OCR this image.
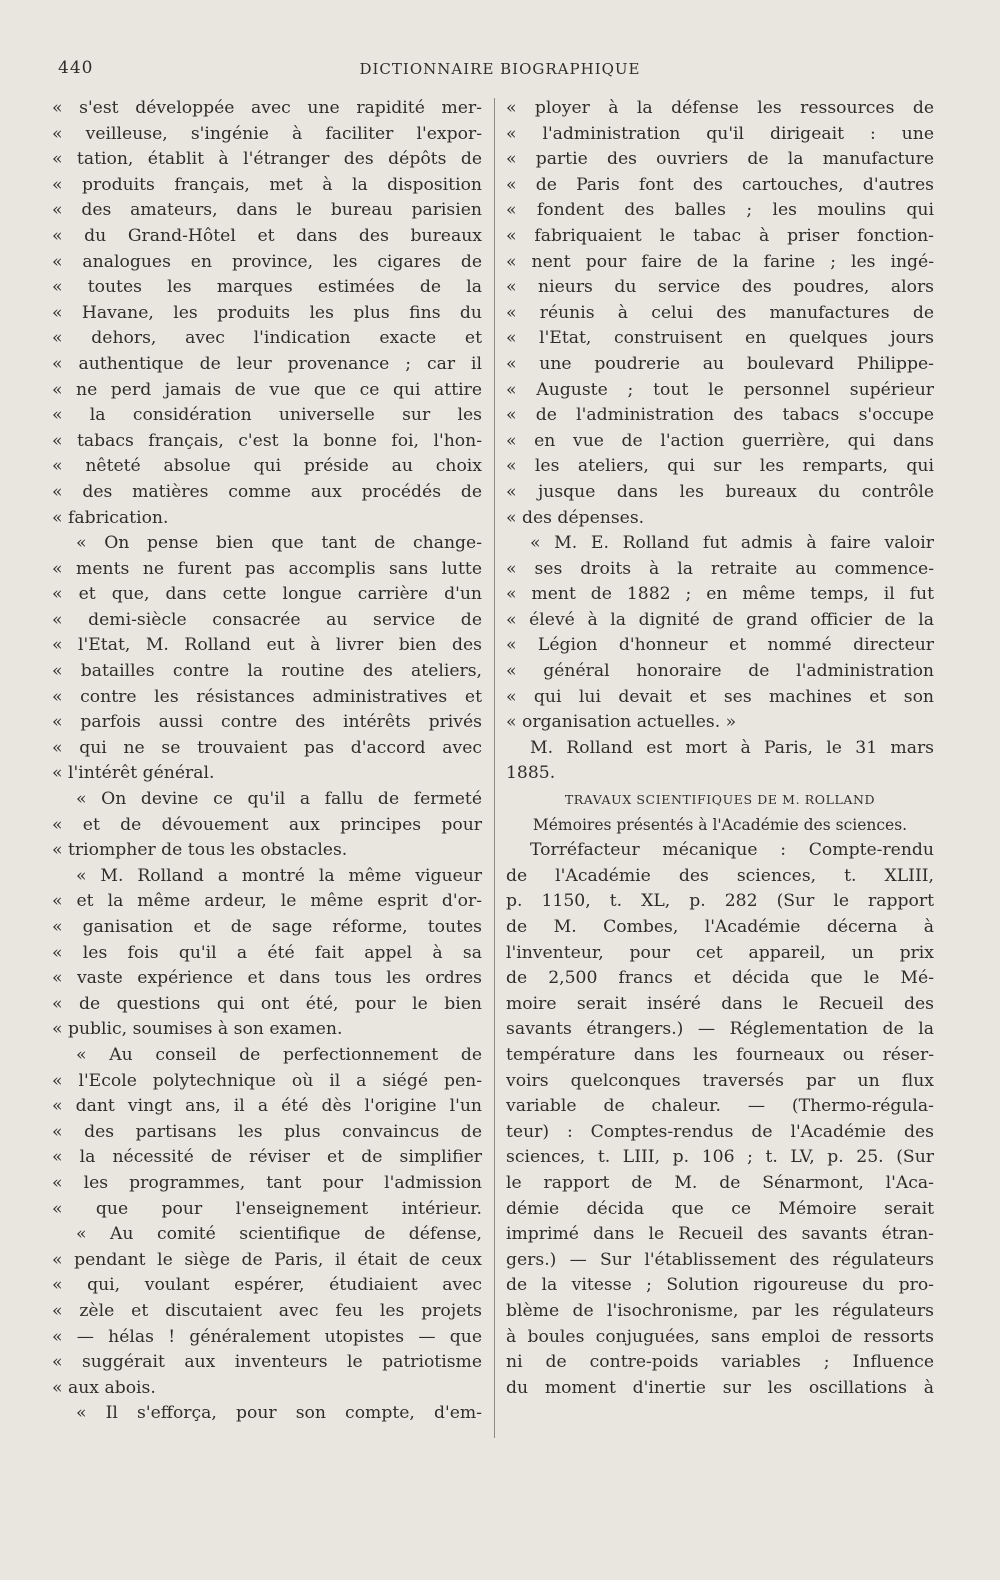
440	DICTIONNAIRE BIOGRAPHIQUE
« s'est développée avec une rapidité mer-
« veilleuse, s'ingénie à faciliter l'expor-
« tation, établit à l'étranger des dépôts de
« produits français, met à la disposition
« des amateurs, dans le bureau parisien
« du Grand-Hôtel et dans des bureaux
« analogues en province, les cigares de
« toutes les marques estimées de la
« Havane, les produits les plus fins du
« dehors, avec l'indication exacte et
« authentique de leur provenance ; car il
« ne perd jamais de vue que ce qui attire
« la considération universelle sur les
« tabacs français, c'est la bonne foi, l'hon-
« nêteté absolue qui préside au choix
« des matières comme aux procédés de
« fabrication.
« On pense bien que tant de change-
« ments ne furent pas accomplis sans lutte
« et que, dans cette longue carrière d'un
« demi-siècle consacrée au service de
« l'Etat, M. Rolland eut à livrer bien des
« batailles contre la routine des ateliers,
« contre les résistances administratives et
« parfois aussi contre des intérêts privés
« qui ne se trouvaient pas d'accord avec
« l'intérêt général.
« On devine ce qu'il a fallu de fermeté
« et de dévouement aux principes pour
« triompher de tous les obstacles.
« M. Rolland a montré la même vigueur
« et la même ardeur, le même esprit d'or-
« ganisation et de sage réforme, toutes
« les fois qu'il a été fait appel à sa
« vaste expérience et dans tous les ordres
« de questions qui ont été, pour le bien
« public, soumises à son examen.
« Au conseil de perfectionnement de
« l'Ecole polytechnique où il a siégé pen-
« dant vingt ans, il a été dès l'origine l'un
« des partisans les plus convaincus de
« la nécessité de réviser et de simplifier
« les programmes, tant pour l'admission
« que pour l'enseignement intérieur.
« Au comité scientifique de défense,
« pendant le siège de Paris, il était de ceux
« qui, voulant espérer, étudiaient avec
« zèle et discutaient avec feu les projets
« — hélas ! généralement utopistes — que
« suggérait aux inventeurs le patriotisme
« aux abois.
« Il s'efforça, pour son compte, d'em-
« ployer à la défense les ressources de
« l'administration qu'il dirigeait : une
« partie des ouvriers de la manufacture
« de Paris font des cartouches, d'autres
« fondent des balles ; les moulins qui
« fabriquaient le tabac à priser fonction-
« nent pour faire de la farine ; les ingé-
« nieurs du service des poudres, alors
« réunis à celui des manufactures de
« l'Etat, construisent en quelques jours
« une poudrerie au boulevard Philippe-
« Auguste ; tout le personnel supérieur
« de l'administration des tabacs s'occupe
« en vue de l'action guerrière, qui dans
« les ateliers, qui sur les remparts, qui
« jusque dans les bureaux du contrôle
« des dépenses.
« M. E. Rolland fut admis à faire valoir
« ses droits à la retraite au commence-
« ment de 1882 ; en même temps, il fut
« élevé à la dignité de grand officier de la
« Légion d'honneur et nommé directeur
« général honoraire de l'administration
« qui lui devait et ses machines et son
« organisation actuelles. »
M. Rolland est mort à Paris, le 31 mars
1885.
TRAVAUX SCIENTIFIQUES DE M. ROLLAND
Mémoires présentés à l'Académie des sciences.
Torréfacteur mécanique : Compte-rendu
de l'Académie des sciences, t. XLIII,
p. 1150, t. XL, p. 282 (Sur le rapport
de M. Combes, l'Académie décerna à
l'inventeur, pour cet appareil, un prix
de 2,500 francs et décida que le Mé-
moire serait inséré dans le Recueil des
savants étrangers.) — Réglementation de la
température dans les fourneaux ou réser-
voirs quelconques traversés par un flux
variable de chaleur. — (Thermo-régula-
teur) : Comptes-rendus de l'Académie des
sciences, t. LIII, p. 106 ; t. LV, p. 25. (Sur
le rapport de M. de Sénarmont, l'Aca-
démie décida que ce Mémoire serait
imprimé dans le Recueil des savants étran-
gers.) — Sur l'établissement des régulateurs
de la vitesse ; Solution rigoureuse du pro-
blème de l'isochronisme, par les régulateurs
à boules conjuguées, sans emploi de ressorts
ni de contre-poids variables ; Influence
du moment d'inertie sur les oscillations à
